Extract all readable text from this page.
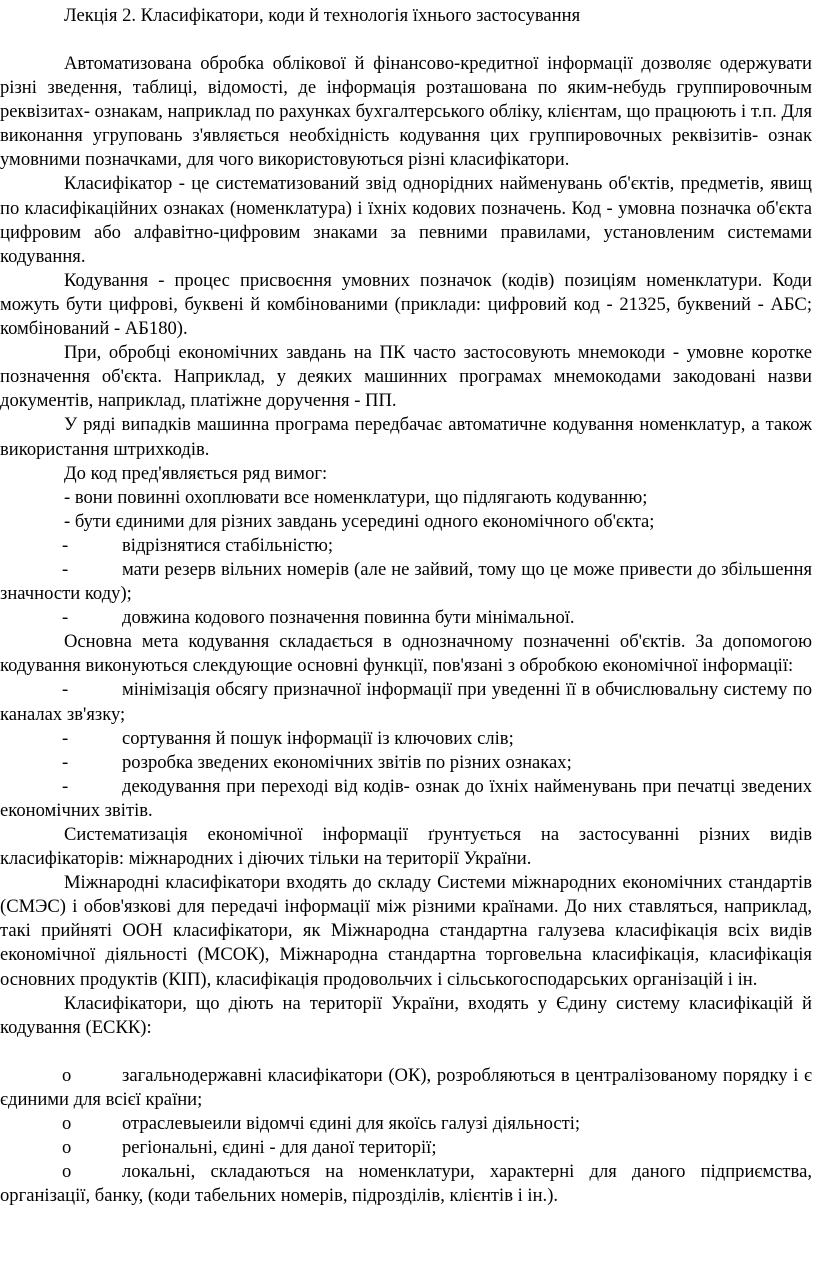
Лекція 2. Класифікатори, коди й технологія їхнього застосування

Автоматизована обробка облікової й фінансово-кредитної інформації дозволяє одержувати різні зведення, таблиці, відомості, де інформація розташована по яким-небудь группировочным реквізитах- ознакам, наприклад по рахунках бухгалтерського обліку, клієнтам, що працюють і т.п. Для виконання угруповань з'являється необхідність кодування цих группировочных реквізитів- ознак умовними позначками, для чого використовуються різні класифікатори.

Класифікатор - це систематизований звід однорідних найменувань об'єктів, предметів, явищ по класифікаційних ознаках (номенклатура) і їхніх кодових позначень. Код - умовна позначка об'єкта цифровим або алфавітно-цифровим знаками за певними правилами, установленим системами кодування.

Кодування - процес присвоєння умовних позначок (кодів) позиціям номенклатури. Коди можуть бути цифрові, буквені й комбінованими (приклади: цифровий код - 21325, буквений - АБС; комбінований - АБ180).

При, обробці економічних завдань на ПК часто застосовують мнемокоди - умовне коротке позначення об'єкта. Наприклад, у деяких машинних програмах мнемокодами закодовані назви документів, наприклад, платіжне доручення - ПП.

У ряді випадків машинна програма передбачає автоматичне кодування номенклатур, а також використання штрихкодів.

До код пред'являється ряд вимог:

- вони повинні охоплювати все номенклатури, що підлягають кодуванню;

- бути єдиними для різних завдань усередині одного економічного об'єкта;

-	відрізнятися стабільністю;

-	мати резерв вільних номерів (але не зайвий, тому що це може привести до збільшення значности коду);

-	довжина кодового позначення повинна бути мінімальної.

Основна мета кодування складається в однозначному позначенні об'єктів. За допомогою кодування виконуються слекдующие основні функції, пов'язані з обробкою економічної інформації:

-	мінімізація обсягу призначної інформації при уведенні її в обчислювальну систему по каналах зв'язку;

-	сортування й пошук інформації із ключових слів;

-	розробка зведених економічних звітів по різних ознаках;

-	декодування при переході від кодів- ознак до їхніх найменувань при печатці зведених економічних звітів.

Систематизація економічної інформації ґрунтується на застосуванні різних видів класифікаторів: міжнародних і діючих тільки на території України.

Міжнародні класифікатори входять до складу Системи міжнародних економічних стандартів (СМЭС) і обов'язкові для передачі інформації між різними країнами. До них ставляться, наприклад, такі прийняті ООН класифікатори, як Міжнародна стандартна галузева класифікація всіх видів економічної діяльності (МСОК), Міжнародна стандартна торговельна класифікація, класифікація основних продуктів (КІП), класифікація продовольчих і сільськогосподарських організацій і ін.

Класифікатори, що діють на території України, входять у Єдину систему класифікацій й кодування (ЕСКК):

o	загальнодержавні класифікатори (ОК), розробляються в централізованому порядку і є єдиними для всієї країни;

o	отраслевыеили відомчі єдині для якоїсь галузі діяльності;

o	регіональні, єдині - для даної території;

o	локальні, складаються на номенклатури, характерні для даного підприємства, організації, банку, (коди табельних номерів, підрозділів, клієнтів і ін.).
